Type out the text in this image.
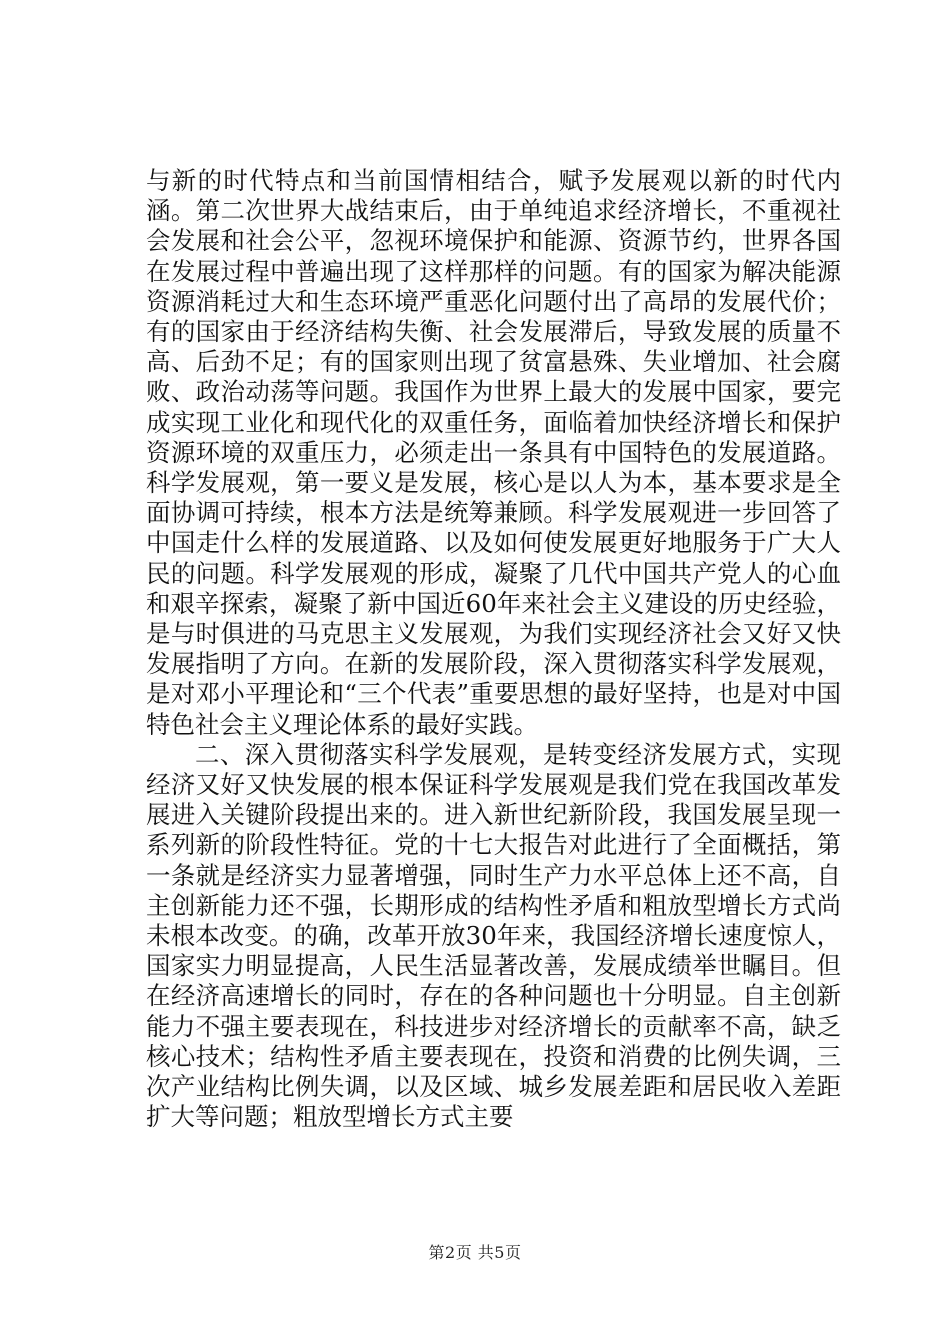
与新的时代特点和当前国情相结合，赋予发展观以新的时代内涵。第二次世界大战结束后，由于单纯追求经济增长，不重视社会发展和社会公平，忽视环境保护和能源、资源节约，世界各国在发展过程中普遍出现了这样那样的问题。有的国家为解决能源资源消耗过大和生态环境严重恶化问题付出了高昂的发展代价；有的国家由于经济结构失衡、社会发展滞后，导致发展的质量不高、后劲不足；有的国家则出现了贫富悬殊、失业增加、社会腐败、政治动荡等问题。我国作为世界上最大的发展中国家，要完成实现工业化和现代化的双重任务，面临着加快经济增长和保护资源环境的双重压力，必须走出一条具有中国特色的发展道路。科学发展观，第一要义是发展，核心是以人为本，基本要求是全面协调可持续，根本方法是统筹兼顾。科学发展观进一步回答了中国走什么样的发展道路、以及如何使发展更好地服务于广大人民的问题。科学发展观的形成，凝聚了几代中国共产党人的心血和艰辛探索，凝聚了新中国近60年来社会主义建设的历史经验，是与时俱进的马克思主义发展观，为我们实现经济社会又好又快发展指明了方向。在新的发展阶段，深入贯彻落实科学发展观，是对邓小平理论和“三个代表”重要思想的最好坚持，也是对中国特色社会主义理论体系的最好实践。

二、深入贯彻落实科学发展观，是转变经济发展方式，实现经济又好又快发展的根本保证科学发展观是我们党在我国改革发展进入关键阶段提出来的。进入新世纪新阶段，我国发展呈现一系列新的阶段性特征。党的十七大报告对此进行了全面概括，第一条就是经济实力显著增强，同时生产力水平总体上还不高，自主创新能力还不强，长期形成的结构性矛盾和粗放型增长方式尚未根本改变。的确，改革开放30年来，我国经济增长速度惊人，国家实力明显提高，人民生活显著改善，发展成绩举世瞩目。但在经济高速增长的同时，存在的各种问题也十分明显。自主创新能力不强主要表现在，科技进步对经济增长的贡献率不高，缺乏核心技术；结构性矛盾主要表现在，投资和消费的比例失调，三次产业结构比例失调，以及区域、城乡发展差距和居民收入差距扩大等问题；粗放型增长方式主要

第2页 共5页
